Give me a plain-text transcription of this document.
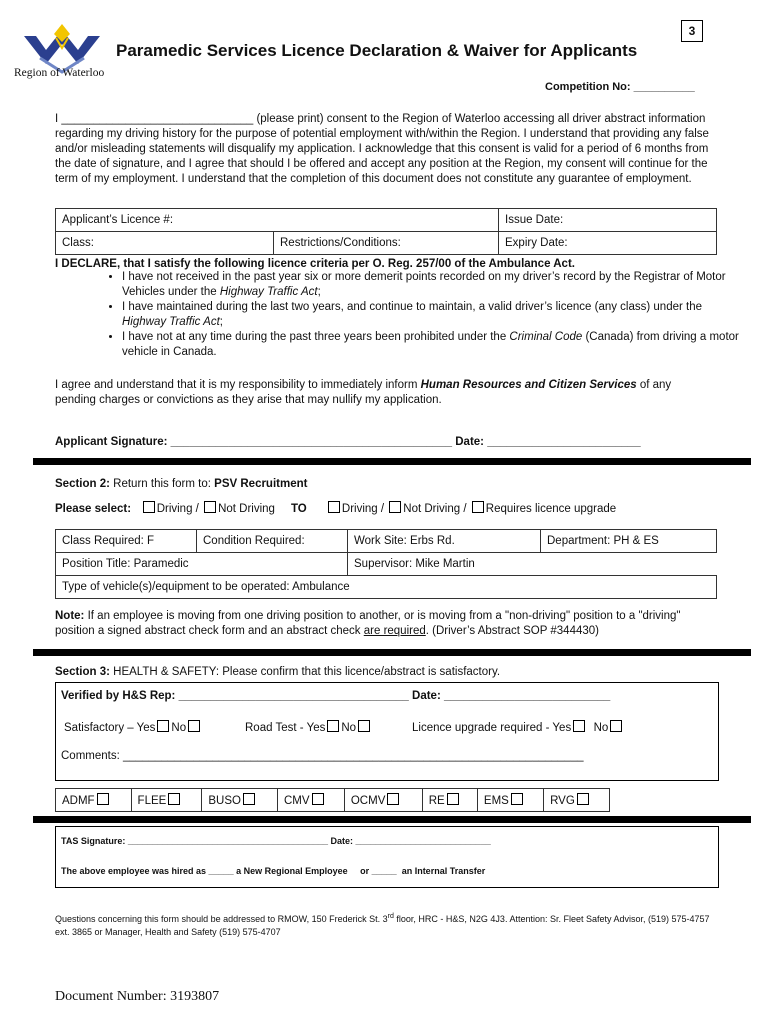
3
Region of Waterloo
Paramedic Services Licence Declaration & Waiver for Applicants
Competition No: __________
I ______________________________ (please print) consent to the Region of Waterloo accessing all driver abstract information regarding my driving history for the purpose of potential employment with/within the Region. I understand that providing any false and/or misleading statements will disqualify my application. I acknowledge that this consent is valid for a period of 6 months from the date of signature, and I agree that should I be offered and accept any position at the Region, my consent will continue for the term of my employment. I understand that the completion of this document does not constitute any guarantee of employment.
Applicant’s Licence #:		Issue Date:
Class:	Restrictions/Conditions:	Expiry Date:
I DECLARE, that I satisfy the following licence criteria per O. Reg. 257/00 of the Ambulance Act.
• I have not received in the past year six or more demerit points recorded on my driver’s record by the Registrar of Motor Vehicles under the Highway Traffic Act;
• I have maintained during the last two years, and continue to maintain, a valid driver’s licence (any class) under the Highway Traffic Act;
• I have not at any time during the past three years been prohibited under the Criminal Code (Canada) from driving a motor vehicle in Canada.
I agree and understand that it is my responsibility to immediately inform Human Resources and Citizen Services of any pending charges or convictions as they arise that may nullify my application.
Applicant Signature: ____________________________________________ Date: ________________________
Section 2: Return this form to: PSV Recruitment
Please select: Driving / Not Driving TO	Driving / Not Driving / Requires licence upgrade
Class Required: F	Condition Required:	Work Site: Erbs Rd.	Department: PH & ES
Position Title: Paramedic		Supervisor: Mike Martin	
Type of vehicle(s)/equipment to be operated: Ambulance			
Note: If an employee is moving from one driving position to another, or is moving from a "non-driving" position to a "driving" position a signed abstract check form and an abstract check are required. (Driver’s Abstract SOP #344430)
Section 3: HEALTH & SAFETY: Please confirm that this licence/abstract is satisfactory.
Verified by H&S Rep: ____________________________________ Date: __________________________
Satisfactory – Yes No	Road Test - Yes No	Licence upgrade required - Yes No
Comments: ________________________________________________________________________
ADMF	FLEE	BUSO	CMV	OCMV	RE	EMS	RVG
TAS Signature: ________________________________________ Date: ___________________________
The above employee was hired as _____ a New Regional Employee or _____ an Internal Transfer
Questions concerning this form should be addressed to RMOW, 150 Frederick St. 3rd floor, HRC - H&S, N2G 4J3. Attention: Sr. Fleet Safety Advisor, (519) 575-4757 ext. 3865 or Manager, Health and Safety (519) 575-4707
Document Number: 3193807
